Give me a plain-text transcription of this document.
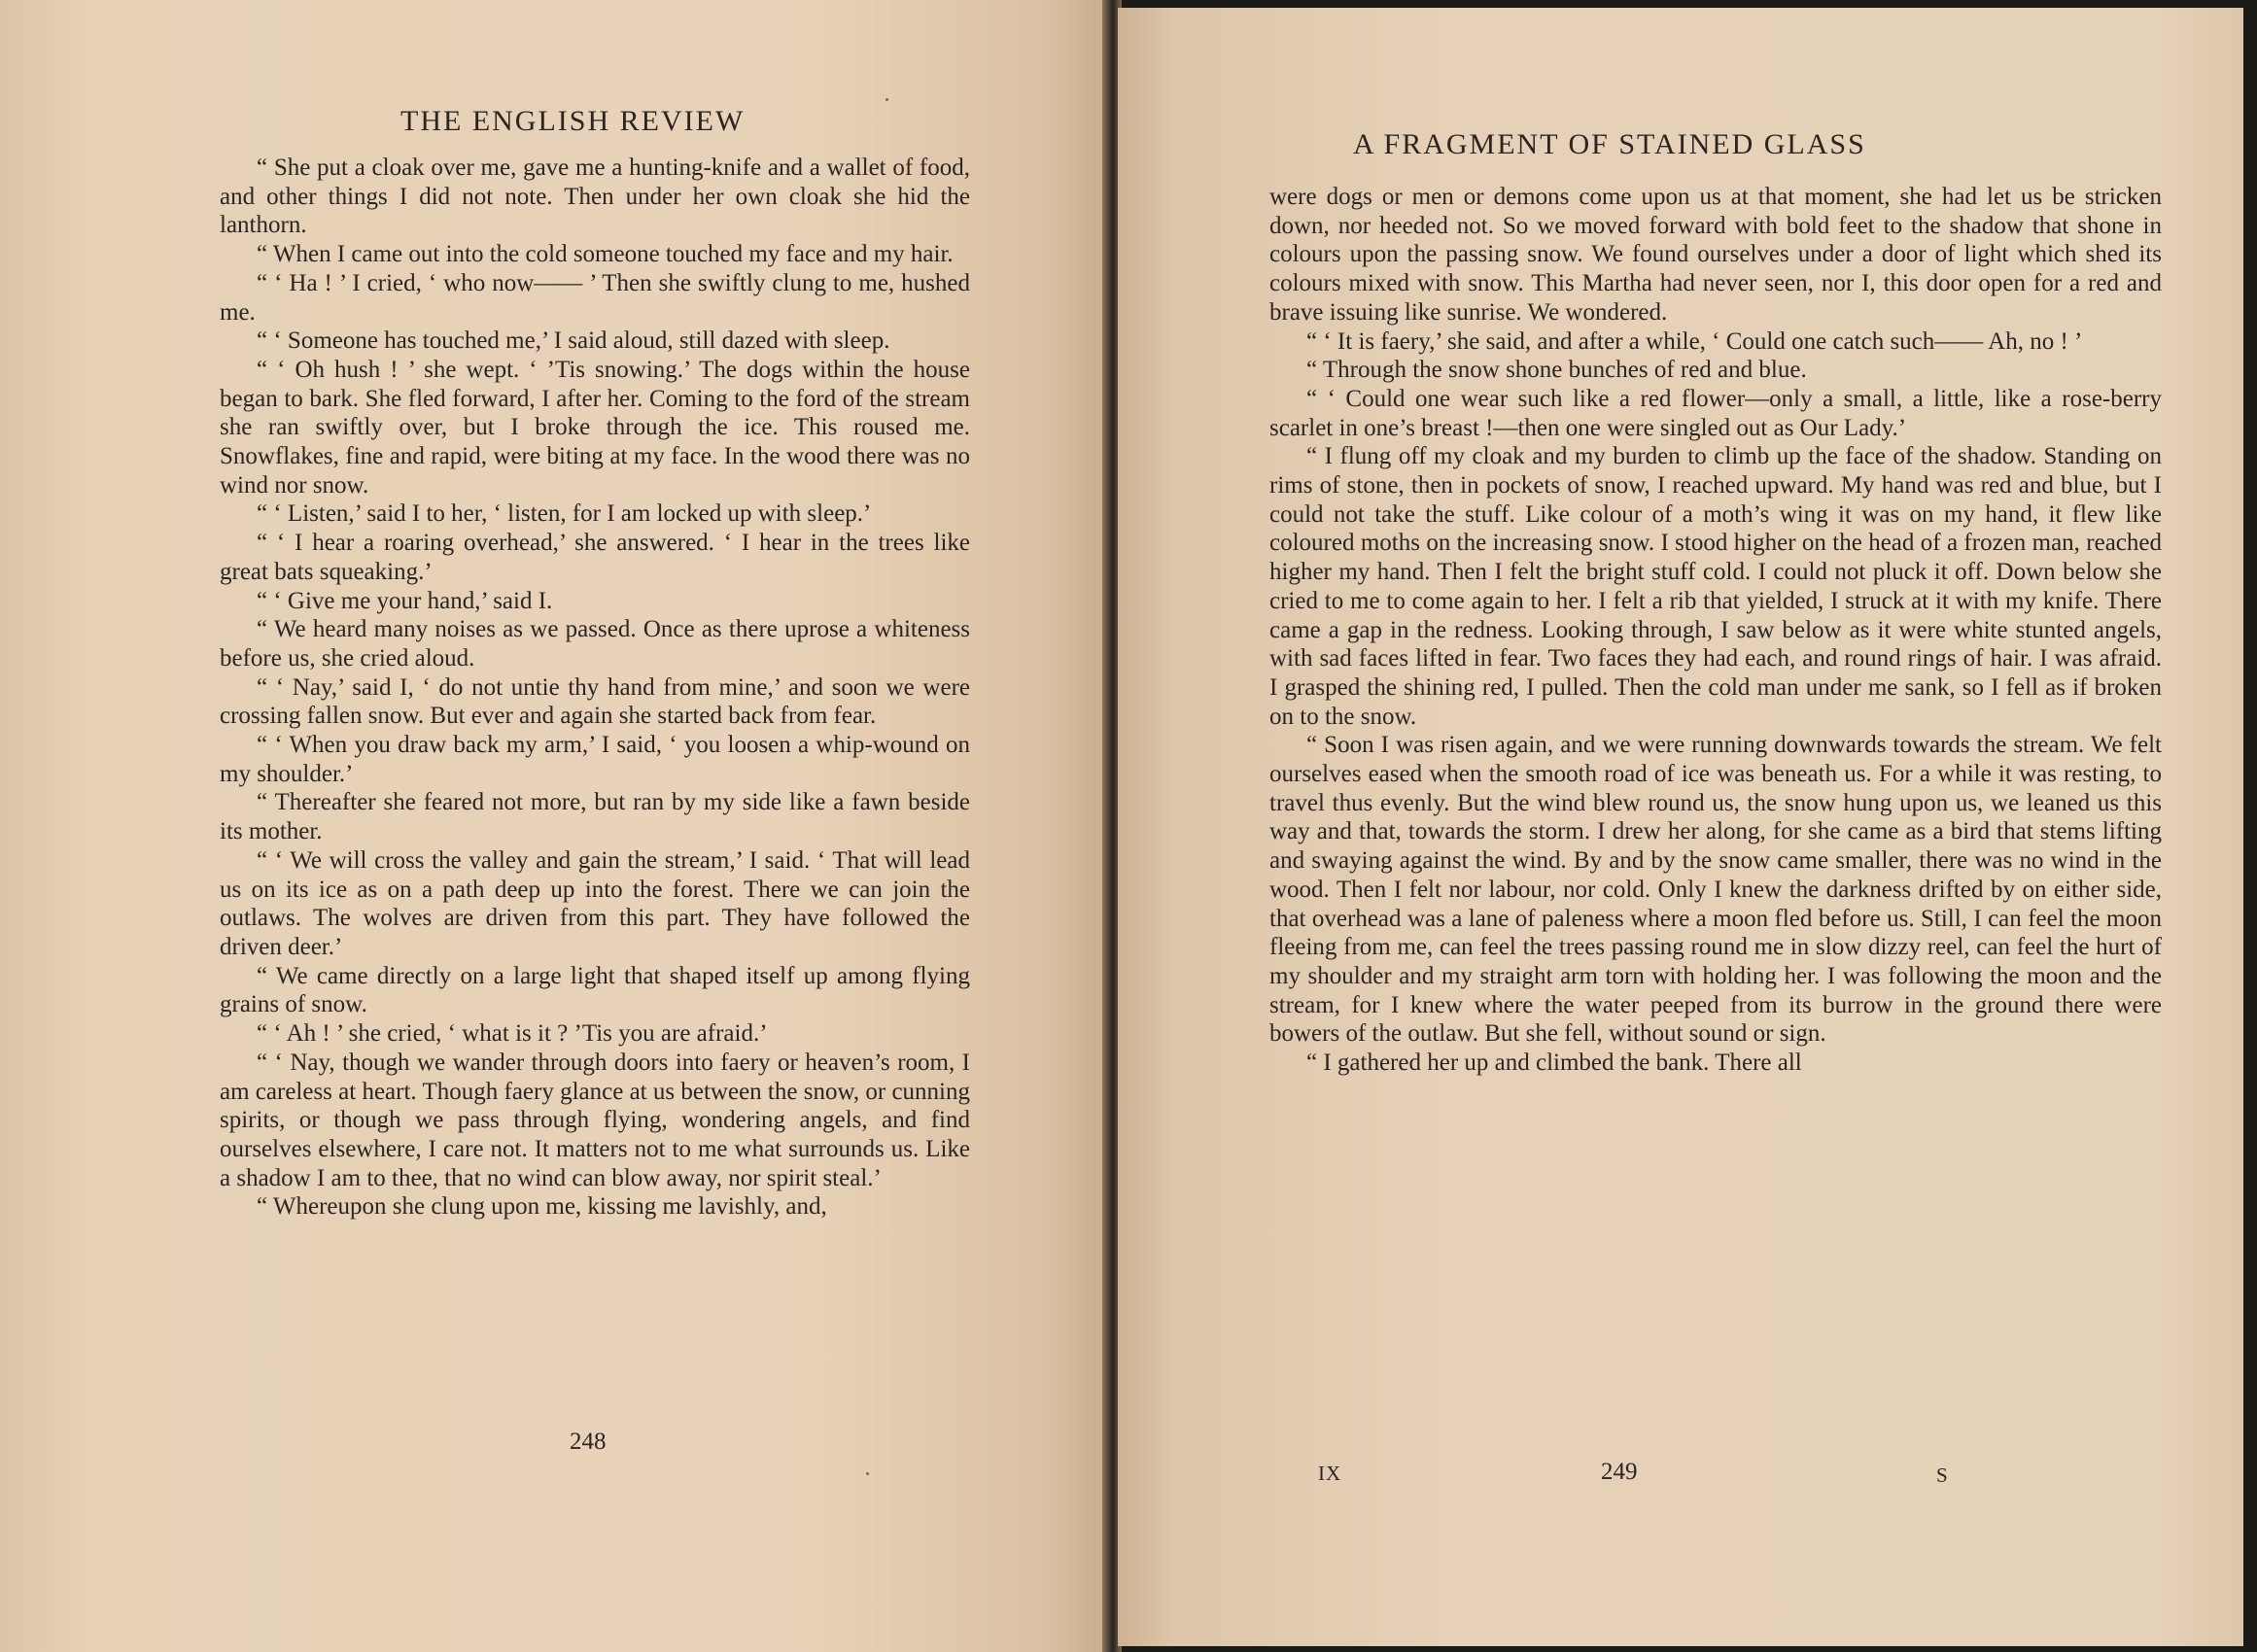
THE ENGLISH REVIEW

“ She put a cloak over me, gave me a hunting-knife and a wallet of food, and other things I did not note. Then under her own cloak she hid the lanthorn.

“ When I came out into the cold someone touched my face and my hair.

“ ‘ Ha ! ’ I cried, ‘ who now—— ’ Then she swiftly clung to me, hushed me.

“ ‘ Someone has touched me,’ I said aloud, still dazed with sleep.

“ ‘ Oh hush ! ’ she wept. ‘ ’Tis snowing.’ The dogs within the house began to bark. She fled forward, I after her. Coming to the ford of the stream she ran swiftly over, but I broke through the ice. This roused me. Snowflakes, fine and rapid, were biting at my face. In the wood there was no wind nor snow.

“ ‘ Listen,’ said I to her, ‘ listen, for I am locked up with sleep.’

“ ‘ I hear a roaring overhead,’ she answered. ‘ I hear in the trees like great bats squeaking.’

“ ‘ Give me your hand,’ said I.

“ We heard many noises as we passed. Once as there uprose a whiteness before us, she cried aloud.

“ ‘ Nay,’ said I, ‘ do not untie thy hand from mine,’ and soon we were crossing fallen snow. But ever and again she started back from fear.

“ ‘ When you draw back my arm,’ I said, ‘ you loosen a whip-wound on my shoulder.’

“ Thereafter she feared not more, but ran by my side like a fawn beside its mother.

“ ‘ We will cross the valley and gain the stream,’ I said. ‘ That will lead us on its ice as on a path deep up into the forest. There we can join the outlaws. The wolves are driven from this part. They have followed the driven deer.’

“ We came directly on a large light that shaped itself up among flying grains of snow.

“ ‘ Ah ! ’ she cried, ‘ what is it ? ’Tis you are afraid.’

“ ‘ Nay, though we wander through doors into faery or heaven’s room, I am careless at heart. Though faery glance at us between the snow, or cunning spirits, or though we pass through flying, wondering angels, and find ourselves elsewhere, I care not. It matters not to me what surrounds us. Like a shadow I am to thee, that no wind can blow away, nor spirit steal.’

“ Whereupon she clung upon me, kissing me lavishly, and,

248
A FRAGMENT OF STAINED GLASS

were dogs or men or demons come upon us at that moment, she had let us be stricken down, nor heeded not. So we moved forward with bold feet to the shadow that shone in colours upon the passing snow. We found ourselves under a door of light which shed its colours mixed with snow. This Martha had never seen, nor I, this door open for a red and brave issuing like sunrise. We wondered.

“ ‘ It is faery,’ she said, and after a while, ‘ Could one catch such—— Ah, no ! ’

“ Through the snow shone bunches of red and blue.

“ ‘ Could one wear such like a red flower—only a small, a little, like a rose-berry scarlet in one’s breast !—then one were singled out as Our Lady.’

“ I flung off my cloak and my burden to climb up the face of the shadow. Standing on rims of stone, then in pockets of snow, I reached upward. My hand was red and blue, but I could not take the stuff. Like colour of a moth’s wing it was on my hand, it flew like coloured moths on the increasing snow. I stood higher on the head of a frozen man, reached higher my hand. Then I felt the bright stuff cold. I could not pluck it off. Down below she cried to me to come again to her. I felt a rib that yielded, I struck at it with my knife. There came a gap in the redness. Looking through, I saw below as it were white stunted angels, with sad faces lifted in fear. Two faces they had each, and round rings of hair. I was afraid. I grasped the shining red, I pulled. Then the cold man under me sank, so I fell as if broken on to the snow.

“ Soon I was risen again, and we were running downwards towards the stream. We felt ourselves eased when the smooth road of ice was beneath us. For a while it was resting, to travel thus evenly. But the wind blew round us, the snow hung upon us, we leaned us this way and that, towards the storm. I drew her along, for she came as a bird that stems lifting and swaying against the wind. By and by the snow came smaller, there was no wind in the wood. Then I felt nor labour, nor cold. Only I knew the darkness drifted by on either side, that overhead was a lane of paleness where a moon fled before us. Still, I can feel the moon fleeing from me, can feel the trees passing round me in slow dizzy reel, can feel the hurt of my shoulder and my straight arm torn with holding her. I was following the moon and the stream, for I knew where the water peeped from its burrow in the ground there were bowers of the outlaw. But she fell, without sound or sign.

“ I gathered her up and climbed the bank. There all

IX	249	S
